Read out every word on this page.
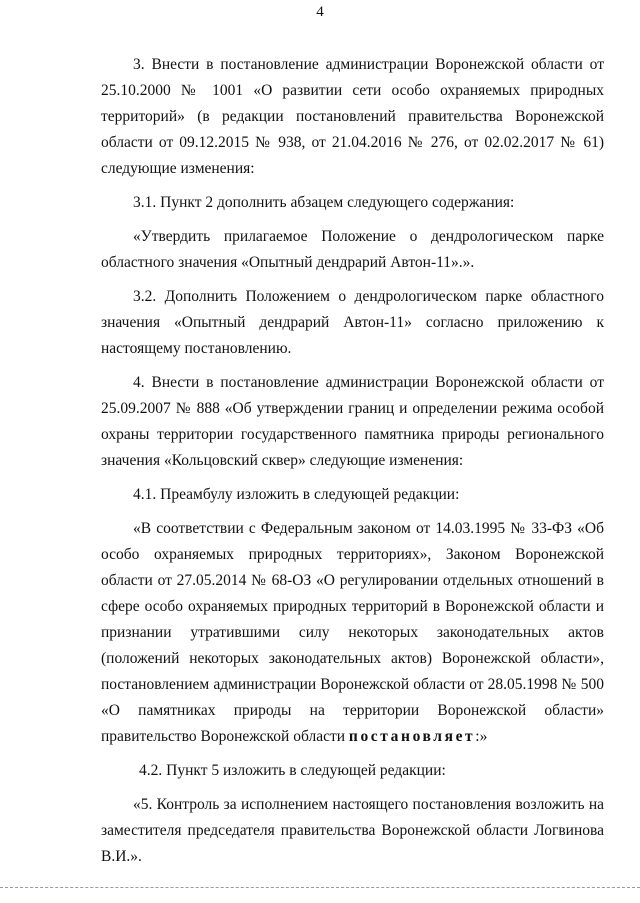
4

3. Внести в постановление администрации Воронежской области от 25.10.2000 № 1001 «О развитии сети особо охраняемых природных территорий» (в редакции постановлений правительства Воронежской области от 09.12.2015 № 938, от 21.04.2016 № 276, от 02.02.2017 № 61) следующие изменения:

3.1. Пункт 2 дополнить абзацем следующего содержания:

«Утвердить прилагаемое Положение о дендрологическом парке областного значения «Опытный дендрарий Автон-11».».

3.2. Дополнить Положением о дендрологическом парке областного значения «Опытный дендрарий Автон-11» согласно приложению к настоящему постановлению.

4. Внести в постановление администрации Воронежской области от 25.09.2007 № 888 «Об утверждении границ и определении режима особой охраны территории государственного памятника природы регионального значения «Кольцовский сквер» следующие изменения:

4.1. Преамбулу изложить в следующей редакции:

«В соответствии с Федеральным законом от 14.03.1995 № 33-ФЗ «Об особо охраняемых природных территориях», Законом Воронежской области от 27.05.2014 № 68-ОЗ «О регулировании отдельных отношений в сфере особо охраняемых природных территорий в Воронежской области и признании утратившими силу некоторых законодательных актов (положений некоторых законодательных актов) Воронежской области», постановлением администрации Воронежской области от 28.05.1998 № 500 «О памятниках природы на территории Воронежской области» правительство Воронежской области постановляет:»

4.2. Пункт 5 изложить в следующей редакции:

«5. Контроль за исполнением настоящего постановления возложить на заместителя председателя правительства Воронежской области Логвинова В.И.».
